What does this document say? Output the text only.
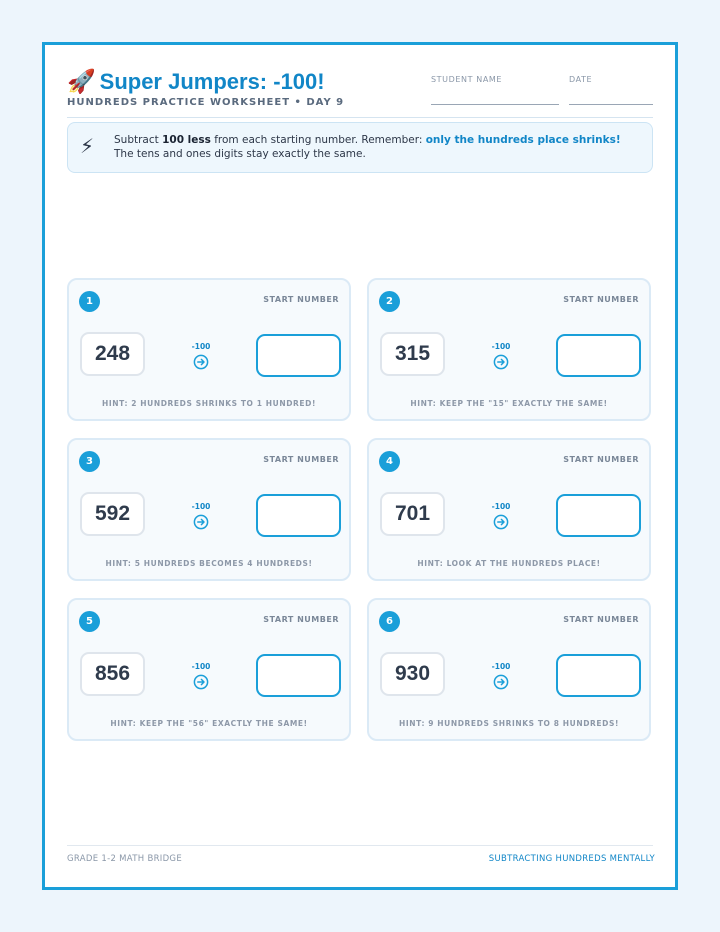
🚀 Super Jumpers: -100!
HUNDREDS PRACTICE WORKSHEET • DAY 9
STUDENT NAME	DATE
⚡ Subtract 100 less from each starting number. Remember: only the hundreds place shrinks! The tens and ones digits stay exactly the same.
1	START NUMBER
248	-100
HINT: 2 HUNDREDS SHRINKS TO 1 HUNDRED!
2	START NUMBER
315	-100
HINT: KEEP THE "15" EXACTLY THE SAME!
3	START NUMBER
592	-100
HINT: 5 HUNDREDS BECOMES 4 HUNDREDS!
4	START NUMBER
701	-100
HINT: LOOK AT THE HUNDREDS PLACE!
5	START NUMBER
856	-100
HINT: KEEP THE "56" EXACTLY THE SAME!
6	START NUMBER
930	-100
HINT: 9 HUNDREDS SHRINKS TO 8 HUNDREDS!
GRADE 1-2 MATH BRIDGE	SUBTRACTING HUNDREDS MENTALLY
